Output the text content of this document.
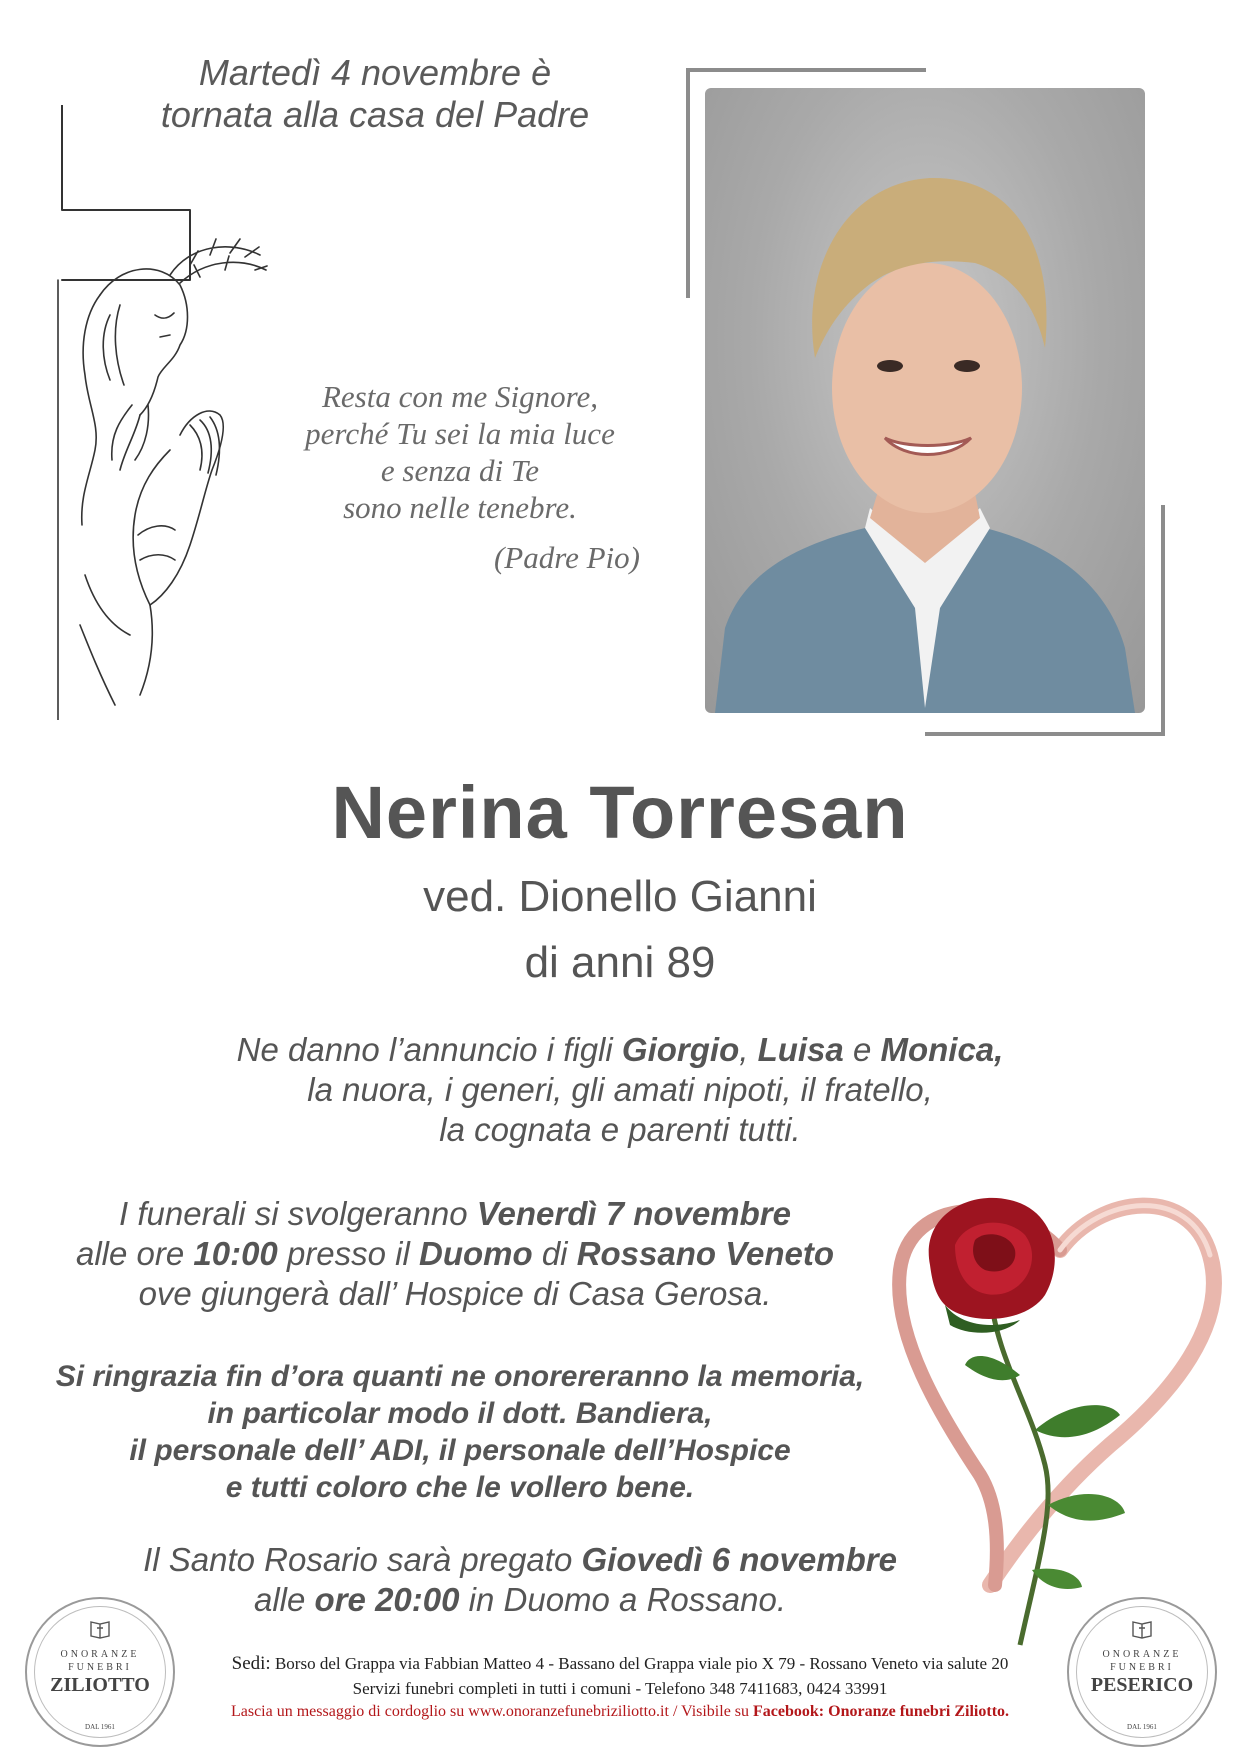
Martedì 4 novembre è
tornata alla casa del Padre
Resta con me Signore,
perché Tu sei la mia luce
e senza di Te
sono nelle tenebre.
(Padre Pio)
Nerina Torresan
ved. Dionello Gianni
di anni 89
Ne danno l’annuncio i figli Giorgio, Luisa e Monica,
la nuora, i generi, gli amati nipoti, il fratello,
la cognata e parenti tutti.
I funerali si svolgeranno Venerdì 7 novembre
alle ore 10:00 presso il Duomo di Rossano Veneto
ove giungerà dall’ Hospice di Casa Gerosa.
Si ringrazia fin d’ora quanti ne onorereranno la memoria,
in particolar modo il dott. Bandiera,
il personale dell’ ADI, il personale dell’Hospice
e tutti coloro che le vollero bene.
Il Santo Rosario sarà pregato Giovedì 6 novembre
alle ore 20:00 in Duomo a Rossano.
ONORANZE
FUNEBRI
ZILIOTTO
DAL 1961
ONORANZE
FUNEBRI
PESERICO
DAL 1961
Sedi: Borso del Grappa via Fabbian Matteo 4 - Bassano del Grappa viale pio X 79 - Rossano Veneto via salute 20
Servizi funebri completi in tutti i comuni - Telefono 348 7411683, 0424 33991
Lascia un messaggio di cordoglio su www.onoranzefunebriziliotto.it / Visibile su Facebook: Onoranze funebri Ziliotto.
